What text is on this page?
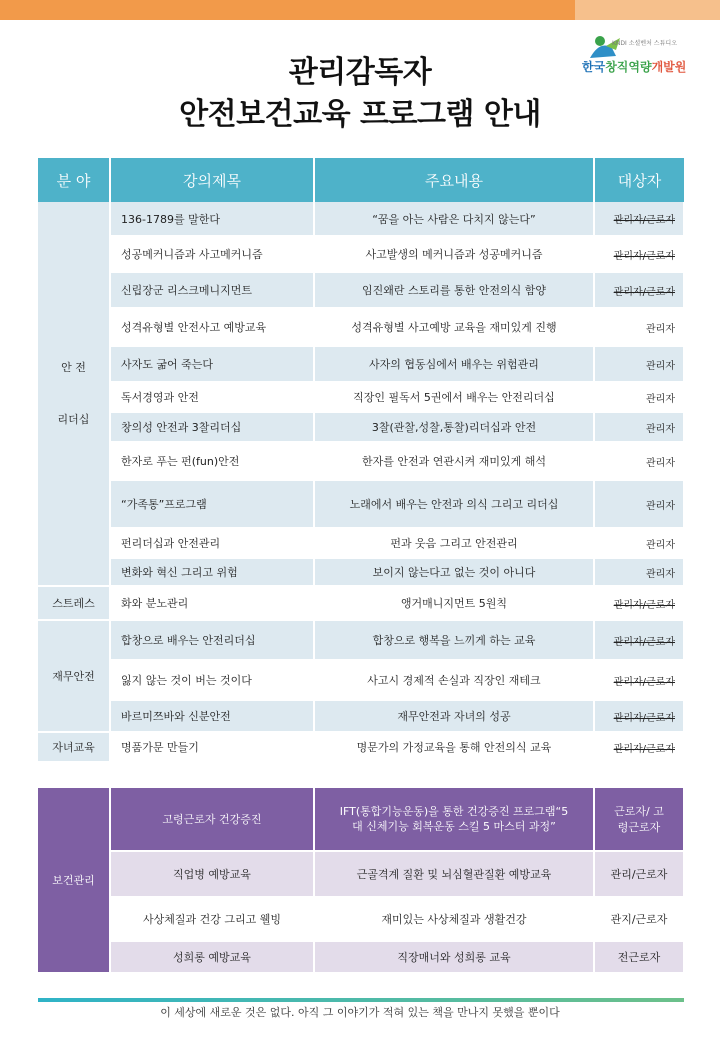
KNDI 소셜벤처 스튜디오
한국창직역량개발원
관리감독자
안전보건교육 프로그램 안내
분 야	강의제목	주요내용	대상자

안 전
리더십	136-1789를 말한다	“꿈을 아는 사람은 다치지 않는다”	관리자/근로자
	성공메커니즘과 사고메커니즘	사고발생의 메커니즘과 성공메커니즘	관리자/근로자
	신립장군 리스크메니지먼트	임진왜란 스토리를 통한 안전의식 함양	관리자/근로자
	성격유형별 안전사고 예방교육	성격유형별 사고예방 교육을 재미있게 진행	관리자
	사자도 굶어 죽는다	사자의 협동심에서 배우는 위험관리	관리자
	독서경영과 안전	직장인 필독서 5권에서 배우는 안전리더십	관리자
	창의성 안전과 3찰리더십	3찰(관찰,성찰,통찰)리더십과 안전	관리자
	한자로 푸는 펀(fun)안전	한자를 안전과 연관시켜 재미있게 해석	관리자
	“가족통”프로그램	노래에서 배우는 안전과 의식 그리고 리더십	관리자
	펀리더십과 안전관리	펀과 웃음 그리고 안전관리	관리자
	변화와 혁신 그리고 위험	보이지 않는다고 없는 것이 아니다	관리자
스트레스	화와 분노관리	앵거매니지먼트 5원칙	관리자/근로자
재무안전	합창으로 배우는 안전리더십	합창으로 행복을 느끼게 하는 교육	관리자/근로자
	잃지 않는 것이 버는 것이다	사고시 경제적 손실과 직장인 재테크	관리자/근로자
	바르미쯔바와 신분안전	재무안전과 자녀의 성공	관리자/근로자
자녀교육	명품가문 만들기	명문가의 가정교육을 통해 안전의식 교육	관리자/근로자
보건관리	고령근로자 건강증진	IFT(통합기능운동)을 통한 건강증진 프로그램“5대 신체기능 회복운동 스킬 5 마스터 과정”	근로자/ 고령근로자
	직업병 예방교육	근골격계 질환 및 뇌심혈관질환 예방교육	관리/근로자
	사상체질과 건강 그리고 웰빙	재미있는 사상체질과 생활건강	관지/근로자
	성희롱 예방교육	직장매너와 성희롱 교육	전근로자
이 세상에 새로운 것은 없다. 아직 그 이야기가 적혀 있는 책을 만나지 못했을 뿐이다
